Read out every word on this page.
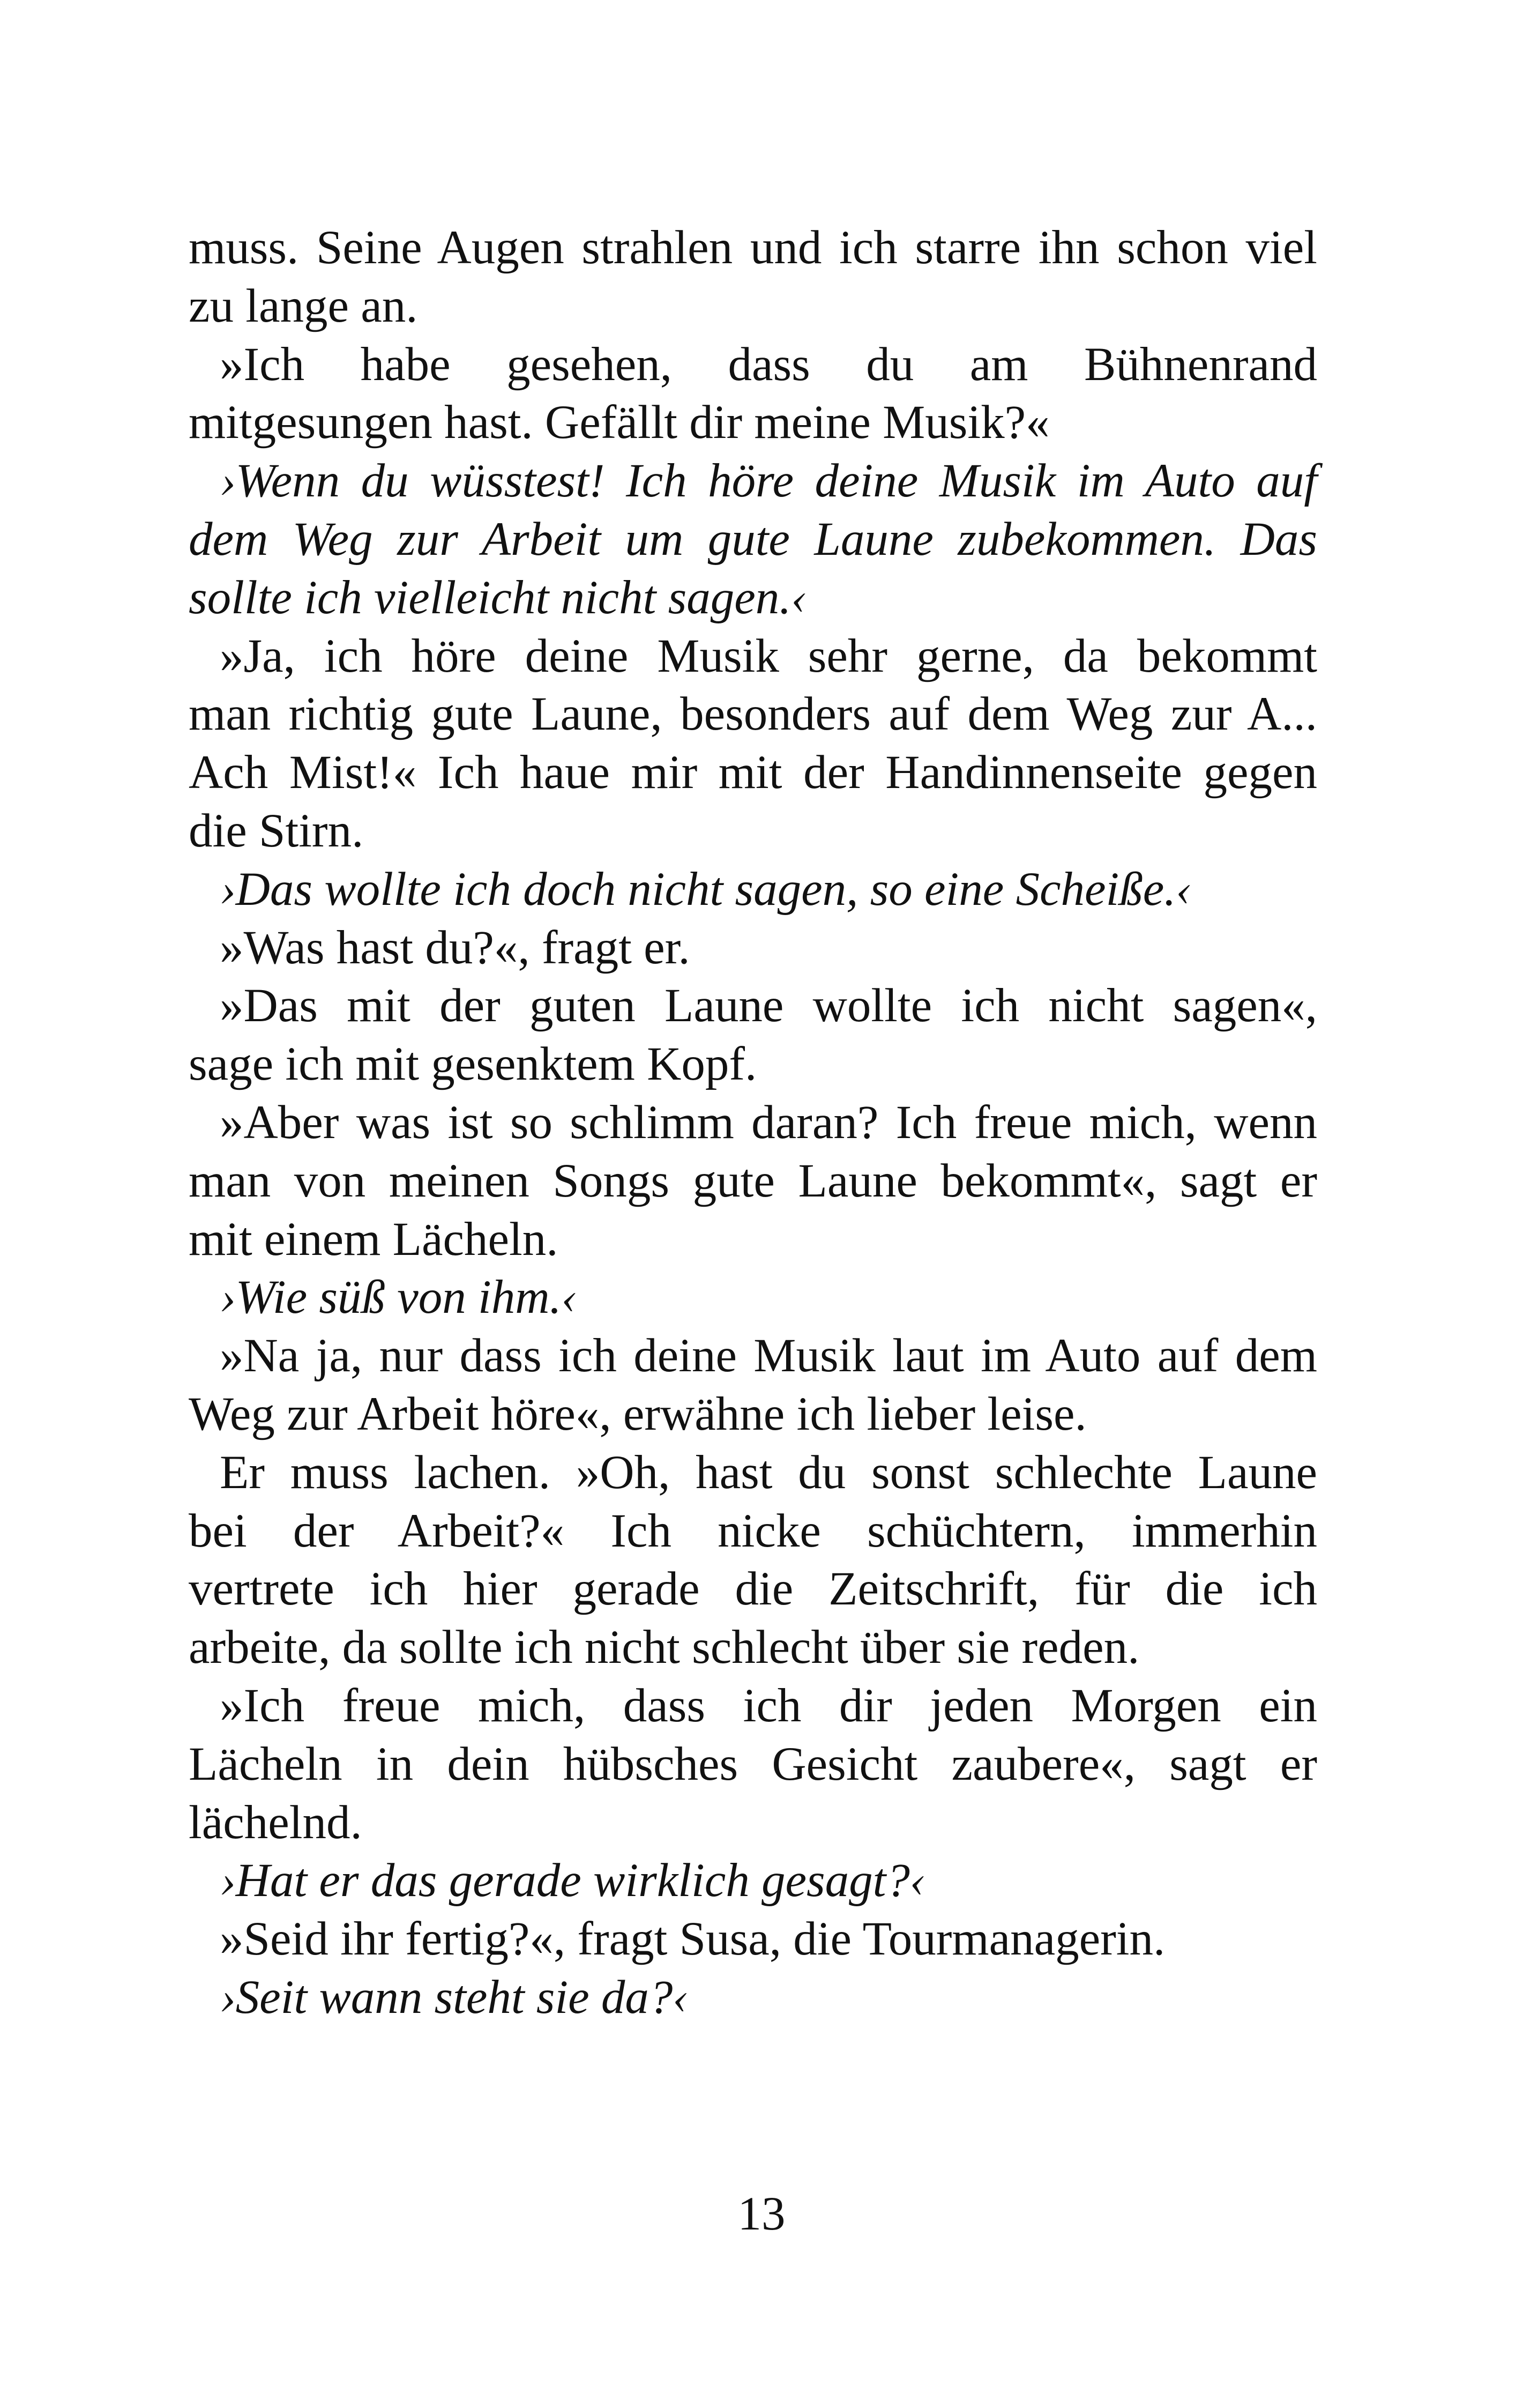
muss. Seine Augen strahlen und ich starre ihn schon viel
zu lange an.
»Ich habe gesehen, dass du am Bühnenrand
mitgesungen hast. Gefällt dir meine Musik?«
›Wenn du wüsstest! Ich höre deine Musik im Auto auf
dem Weg zur Arbeit um gute Laune zubekommen. Das
sollte ich vielleicht nicht sagen.‹
»Ja, ich höre deine Musik sehr gerne, da bekommt
man richtig gute Laune, besonders auf dem Weg zur A...
Ach Mist!« Ich haue mir mit der Handinnenseite gegen
die Stirn.
›Das wollte ich doch nicht sagen, so eine Scheiße.‹
»Was hast du?«, fragt er.
»Das mit der guten Laune wollte ich nicht sagen«,
sage ich mit gesenktem Kopf.
»Aber was ist so schlimm daran? Ich freue mich, wenn
man von meinen Songs gute Laune bekommt«, sagt er
mit einem Lächeln.
›Wie süß von ihm.‹
»Na ja, nur dass ich deine Musik laut im Auto auf dem
Weg zur Arbeit höre«, erwähne ich lieber leise.
Er muss lachen. »Oh, hast du sonst schlechte Laune
bei der Arbeit?« Ich nicke schüchtern, immerhin
vertrete ich hier gerade die Zeitschrift, für die ich
arbeite, da sollte ich nicht schlecht über sie reden.
»Ich freue mich, dass ich dir jeden Morgen ein
Lächeln in dein hübsches Gesicht zaubere«, sagt er
lächelnd.
›Hat er das gerade wirklich gesagt?‹
»Seid ihr fertig?«, fragt Susa, die Tourmanagerin.
›Seit wann steht sie da?‹
13
